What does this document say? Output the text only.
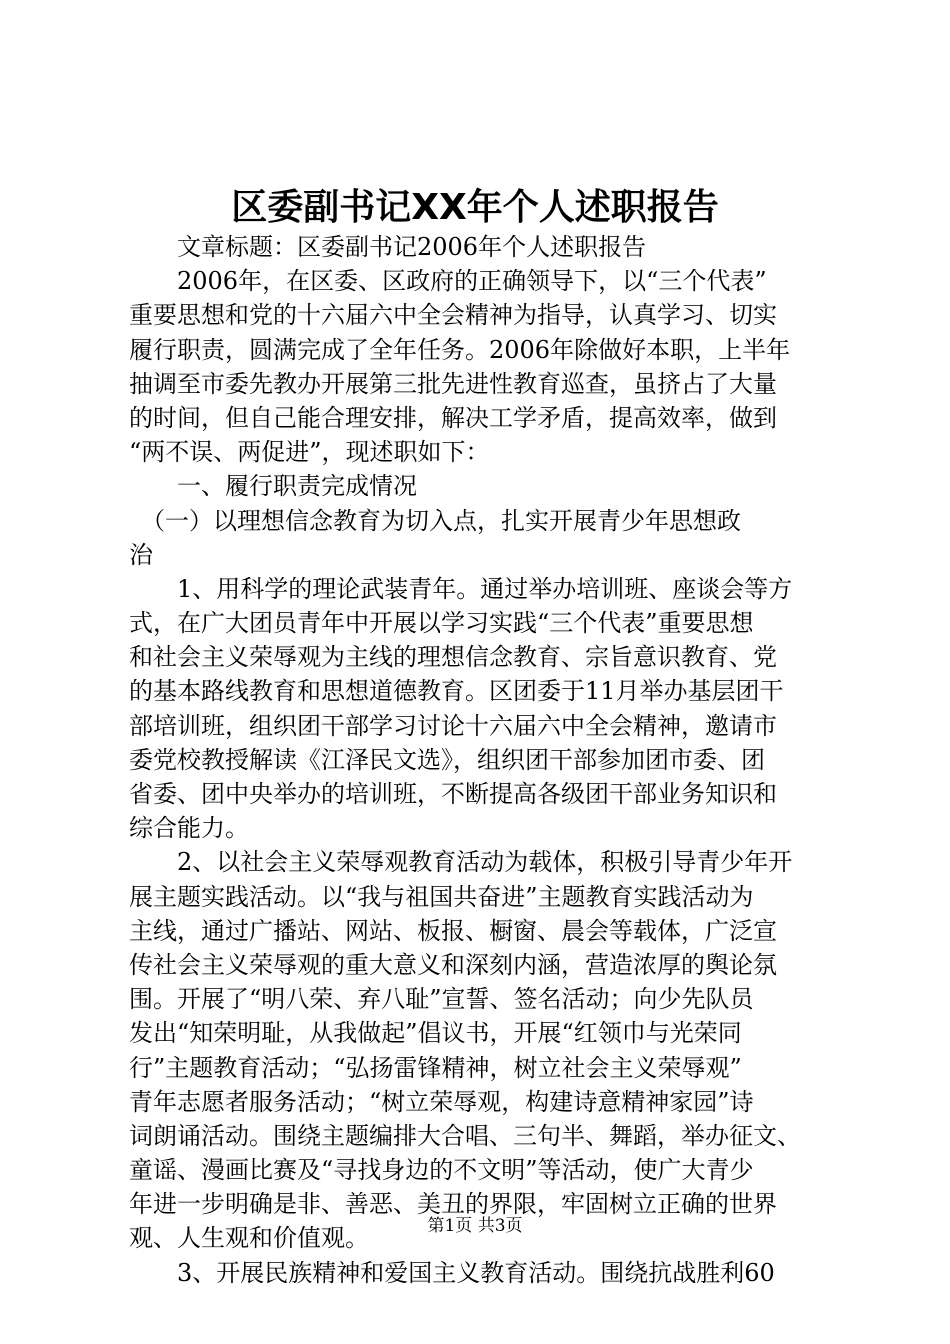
区委副书记XX年个人述职报告
　　文章标题：区委副书记2006年个人述职报告
　　2006年，在区委、区政府的正确领导下，以“三个代表”
重要思想和党的十六届六中全会精神为指导，认真学习、切实
履行职责，圆满完成了全年任务。2006年除做好本职，上半年
抽调至市委先教办开展第三批先进性教育巡查，虽挤占了大量
的时间，但自己能合理安排，解决工学矛盾，提高效率，做到
“两不误、两促进”，现述职如下：
　　一、履行职责完成情况
　（一）以理想信念教育为切入点，扎实开展青少年思想政
治
　　1、用科学的理论武装青年。通过举办培训班、座谈会等方
式，在广大团员青年中开展以学习实践“三个代表”重要思想
和社会主义荣辱观为主线的理想信念教育、宗旨意识教育、党
的基本路线教育和思想道德教育。区团委于11月举办基层团干
部培训班，组织团干部学习讨论十六届六中全会精神，邀请市
委党校教授解读《江泽民文选》，组织团干部参加团市委、团
省委、团中央举办的培训班，不断提高各级团干部业务知识和
综合能力。
　　2、以社会主义荣辱观教育活动为载体，积极引导青少年开
展主题实践活动。以“我与祖国共奋进”主题教育实践活动为
主线，通过广播站、网站、板报、橱窗、晨会等载体，广泛宣
传社会主义荣辱观的重大意义和深刻内涵，营造浓厚的舆论氛
围。开展了“明八荣、弃八耻”宣誓、签名活动；向少先队员
发出“知荣明耻，从我做起”倡议书，开展“红领巾与光荣同
行”主题教育活动；“弘扬雷锋精神，树立社会主义荣辱观”
青年志愿者服务活动；“树立荣辱观，构建诗意精神家园”诗
词朗诵活动。围绕主题编排大合唱、三句半、舞蹈，举办征文、
童谣、漫画比赛及“寻找身边的不文明”等活动，使广大青少
年进一步明确是非、善恶、美丑的界限，牢固树立正确的世界
观、人生观和价值观。
　　3、开展民族精神和爱国主义教育活动。围绕抗战胜利60
第1页 共3页
